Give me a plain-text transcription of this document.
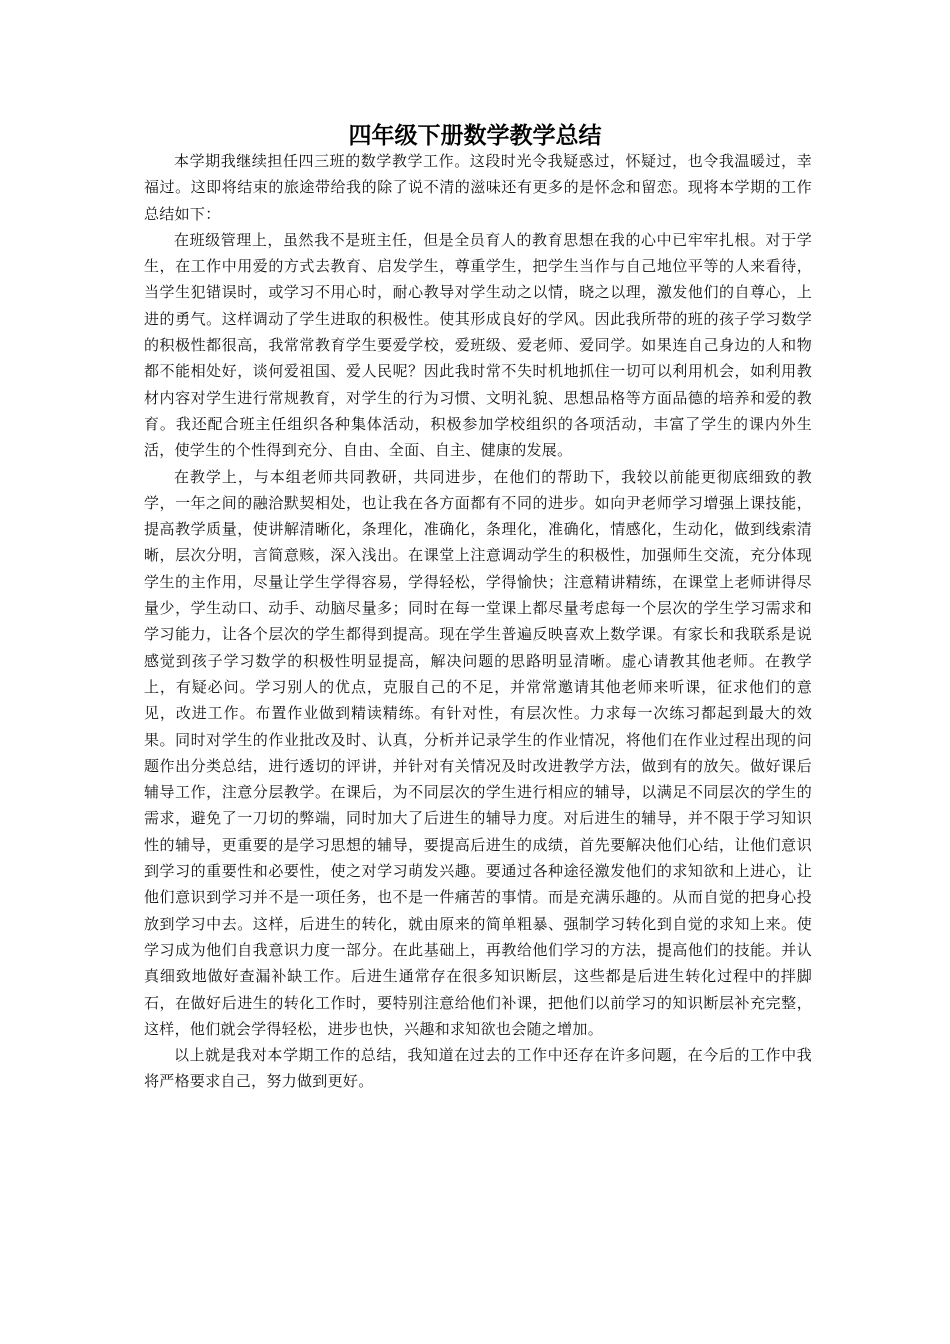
四年级下册数学教学总结

本学期我继续担任四三班的数学教学工作。这段时光令我疑惑过，怀疑过，也令我温暖过，幸福过。这即将结束的旅途带给我的除了说不清的滋味还有更多的是怀念和留恋。现将本学期的工作总结如下：

在班级管理上，虽然我不是班主任，但是全员育人的教育思想在我的心中已牢牢扎根。对于学生，在工作中用爱的方式去教育、启发学生，尊重学生，把学生当作与自己地位平等的人来看待，当学生犯错误时，或学习不用心时，耐心教导对学生动之以情，晓之以理，激发他们的自尊心，上进的勇气。这样调动了学生进取的积极性。使其形成良好的学风。因此我所带的班的孩子学习数学的积极性都很高，我常常教育学生要爱学校，爱班级、爱老师、爱同学。如果连自己身边的人和物都不能相处好，谈何爱祖国、爱人民呢？因此我时常不失时机地抓住一切可以利用机会，如利用教材内容对学生进行常规教育，对学生的行为习惯、文明礼貌、思想品格等方面品德的培养和爱的教育。我还配合班主任组织各种集体活动，积极参加学校组织的各项活动，丰富了学生的课内外生活，使学生的个性得到充分、自由、全面、自主、健康的发展。

在教学上，与本组老师共同教研，共同进步，在他们的帮助下，我较以前能更彻底细致的教学，一年之间的融洽默契相处，也让我在各方面都有不同的进步。如向尹老师学习增强上课技能，提高教学质量，使讲解清晰化，条理化，准确化，条理化，准确化，情感化，生动化，做到线索清晰，层次分明，言简意赅，深入浅出。在课堂上注意调动学生的积极性，加强师生交流，充分体现学生的主作用，尽量让学生学得容易，学得轻松，学得愉快；注意精讲精练，在课堂上老师讲得尽量少，学生动口、动手、动脑尽量多；同时在每一堂课上都尽量考虑每一个层次的学生学习需求和学习能力，让各个层次的学生都得到提高。现在学生普遍反映喜欢上数学课。有家长和我联系是说感觉到孩子学习数学的积极性明显提高，解决问题的思路明显清晰。虚心请教其他老师。在教学上，有疑必问。学习别人的优点，克服自己的不足，并常常邀请其他老师来听课，征求他们的意见，改进工作。布置作业做到精读精练。有针对性，有层次性。力求每一次练习都起到最大的效果。同时对学生的作业批改及时、认真，分析并记录学生的作业情况，将他们在作业过程出现的问题作出分类总结，进行透切的评讲，并针对有关情况及时改进教学方法，做到有的放矢。做好课后辅导工作，注意分层教学。在课后，为不同层次的学生进行相应的辅导，以满足不同层次的学生的需求，避免了一刀切的弊端，同时加大了后进生的辅导力度。对后进生的辅导，并不限于学习知识性的辅导，更重要的是学习思想的辅导，要提高后进生的成绩，首先要解决他们心结，让他们意识到学习的重要性和必要性，使之对学习萌发兴趣。要通过各种途径激发他们的求知欲和上进心，让他们意识到学习并不是一项任务，也不是一件痛苦的事情。而是充满乐趣的。从而自觉的把身心投放到学习中去。这样，后进生的转化，就由原来的简单粗暴、强制学习转化到自觉的求知上来。使学习成为他们自我意识力度一部分。在此基础上，再教给他们学习的方法，提高他们的技能。并认真细致地做好查漏补缺工作。后进生通常存在很多知识断层，这些都是后进生转化过程中的拌脚石，在做好后进生的转化工作时，要特别注意给他们补课，把他们以前学习的知识断层补充完整，这样，他们就会学得轻松，进步也快，兴趣和求知欲也会随之增加。

以上就是我对本学期工作的总结，我知道在过去的工作中还存在许多问题，在今后的工作中我将严格要求自己，努力做到更好。
